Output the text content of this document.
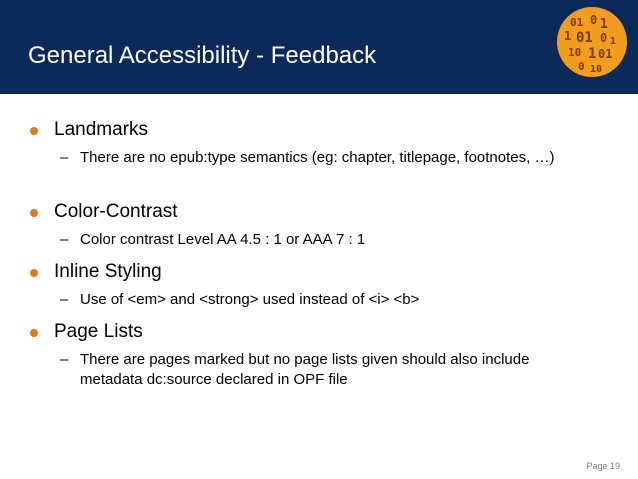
General Accessibility - Feedback
01 0 1
1 01 0 1
10 1 01
0 10
Landmarks
– There are no epub:type semantics (eg: chapter, titlepage, footnotes, …)
Color-Contrast
– Color contrast Level AA 4.5 : 1 or AAA 7 : 1
Inline Styling
– Use of <em> and <strong> used instead of <i> <b>
Page Lists
– There are pages marked but no page lists given should also include metadata dc:source declared in OPF file
Page 19
